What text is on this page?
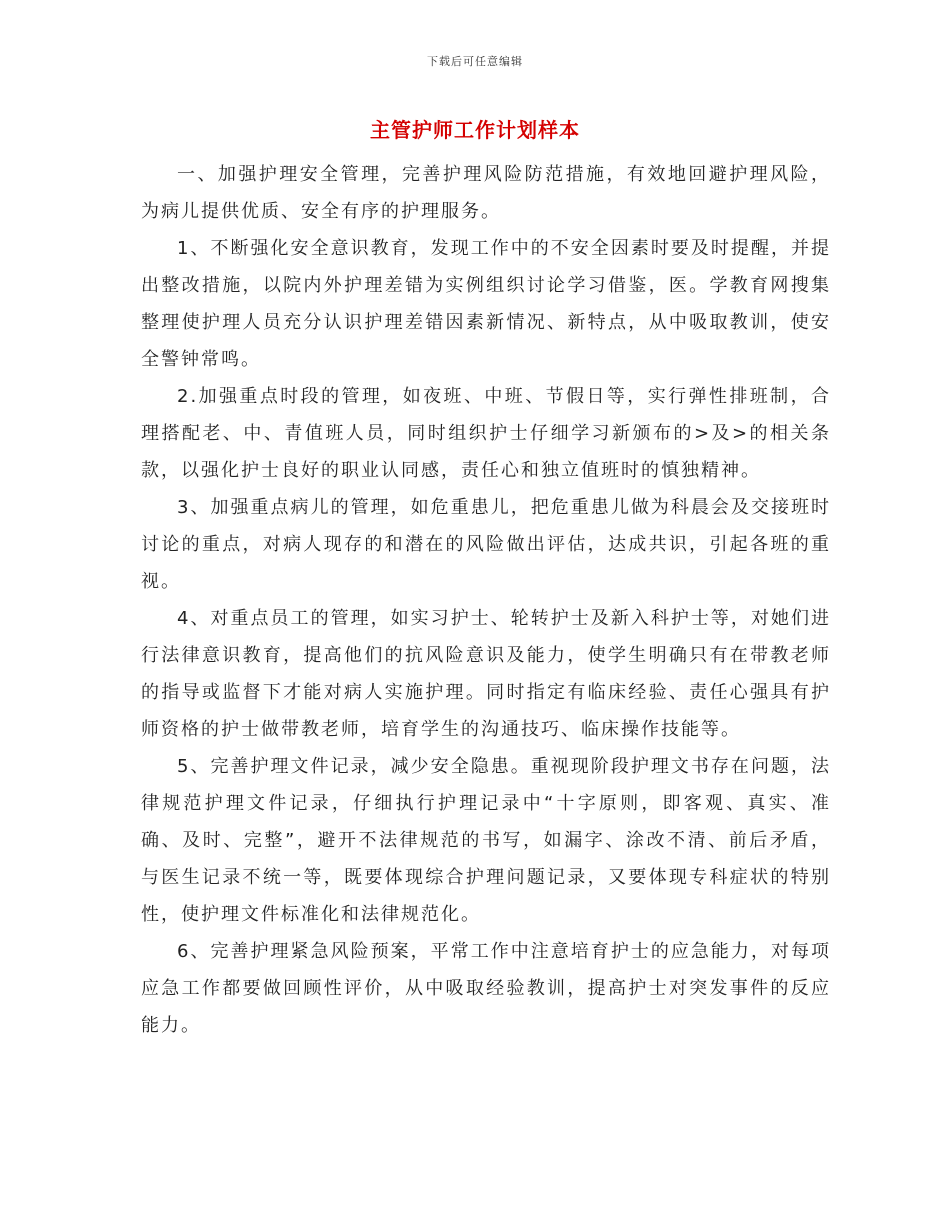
下载后可任意编辑
主管护师工作计划样本

一、加强护理安全管理，完善护理风险防范措施，有效地回避护理风险，为病儿提供优质、安全有序的护理服务。

1、不断强化安全意识教育，发现工作中的不安全因素时要及时提醒，并提出整改措施，以院内外护理差错为实例组织讨论学习借鉴，医。学教育网搜集整理使护理人员充分认识护理差错因素新情况、新特点，从中吸取教训，使安全警钟常鸣。

2.加强重点时段的管理，如夜班、中班、节假日等，实行弹性排班制，合理搭配老、中、青值班人员，同时组织护士仔细学习新颁布的>及>的相关条款，以强化护士良好的职业认同感，责任心和独立值班时的慎独精神。

3、加强重点病儿的管理，如危重患儿，把危重患儿做为科晨会及交接班时讨论的重点，对病人现存的和潜在的风险做出评估，达成共识，引起各班的重视。

4、对重点员工的管理，如实习护士、轮转护士及新入科护士等，对她们进行法律意识教育，提高他们的抗风险意识及能力，使学生明确只有在带教老师的指导或监督下才能对病人实施护理。同时指定有临床经验、责任心强具有护师资格的护士做带教老师，培育学生的沟通技巧、临床操作技能等。

5、完善护理文件记录，减少安全隐患。重视现阶段护理文书存在问题，法律规范护理文件记录，仔细执行护理记录中“十字原则，即客观、真实、准确、及时、完整”，避开不法律规范的书写，如漏字、涂改不清、前后矛盾，与医生记录不统一等，既要体现综合护理问题记录，又要体现专科症状的特别性，使护理文件标准化和法律规范化。

6、完善护理紧急风险预案，平常工作中注意培育护士的应急能力，对每项应急工作都要做回顾性评价，从中吸取经验教训，提高护士对突发事件的反应能力。
